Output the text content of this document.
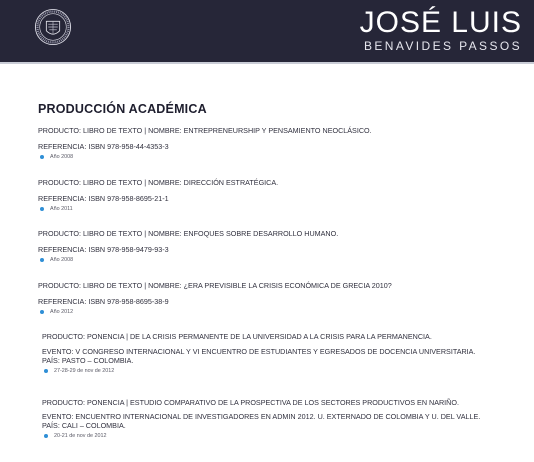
JOSÉ LUIS
BENAVIDES PASSOS
PRODUCCIÓN ACADÉMICA
PRODUCTO: LIBRO DE TEXTO | NOMBRE: ENTREPRENEURSHIP Y PENSAMIENTO NEOCLÁSICO.
REFERENCIA: ISBN 978-958-44-4353-3
Año 2008
PRODUCTO: LIBRO DE TEXTO | NOMBRE: DIRECCIÓN ESTRATÉGICA.
REFERENCIA: ISBN 978-958-8695-21-1
Año 2011
PRODUCTO: LIBRO DE TEXTO | NOMBRE: ENFOQUES SOBRE DESARROLLO HUMANO.
REFERENCIA: ISBN 978-958-9479-93-3
Año 2008
PRODUCTO: LIBRO DE TEXTO | NOMBRE: ¿ERA PREVISIBLE LA CRISIS ECONÓMICA DE GRECIA 2010?
REFERENCIA: ISBN 978-958-8695-38-9
Año 2012
PRODUCTO: PONENCIA | DE LA CRISIS PERMANENTE DE LA UNIVERSIDAD A LA CRISIS PARA LA PERMANENCIA.
EVENTO: V CONGRESO INTERNACIONAL Y VI ENCUENTRO DE ESTUDIANTES Y EGRESADOS DE DOCENCIA UNIVERSITARIA.
PAÍS: PASTO – COLOMBIA.
27-28-29 de nov de 2012
PRODUCTO: PONENCIA | ESTUDIO COMPARATIVO DE LA PROSPECTIVA DE LOS SECTORES PRODUCTIVOS EN NARIÑO.
EVENTO: ENCUENTRO INTERNACIONAL DE INVESTIGADORES EN ADMIN 2012. U. EXTERNADO DE COLOMBIA Y U. DEL VALLE.
PAÍS: CALI – COLOMBIA.
20-21 de nov de 2012
